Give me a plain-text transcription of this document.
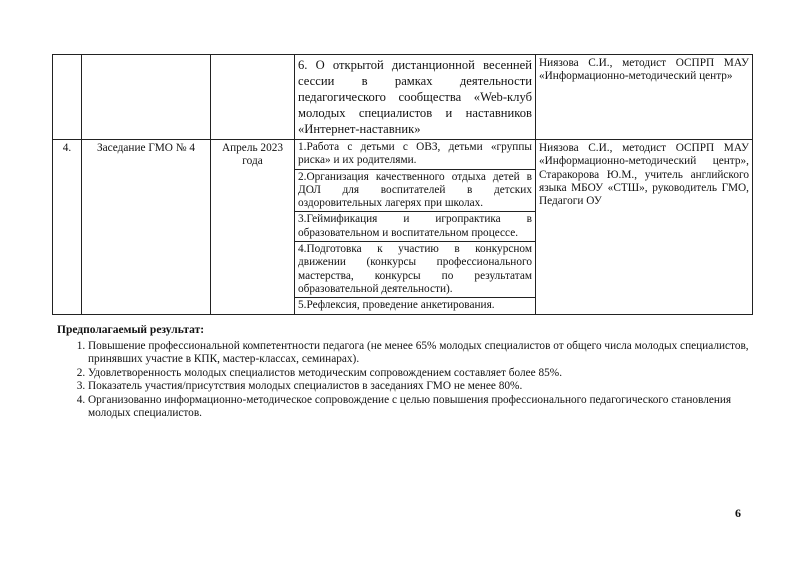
			6. О открытой дистанционной весенней сессии в рамках деятельности педагогического сообщества «Web-клуб молодых специалистов и наставников «Интернет-наставник»	Ниязова С.И., методист ОСПРП МАУ «Информационно-методический центр»
4.	Заседание ГМО № 4	Апрель 2023 года	1.Работа с детьми с ОВЗ, детьми «группы риска» и их родителями.
2.Организация качественного отдыха детей в ДОЛ для воспитателей в детских оздоровительных лагерях при школах.
3.Геймификация и игропрактика в образовательном и воспитательном процессе.
4.Подготовка к участию в конкурсном движении (конкурсы профессионального мастерства, конкурсы по результатам образовательной деятельности).
5.Рефлексия, проведение анкетирования.	Ниязова С.И., методист ОСПРП МАУ «Информационно-методический центр», Старакорова Ю.М., учитель английского языка МБОУ «СТШ», руководитель ГМО, Педагоги ОУ
Предполагаемый результат:
1. Повышение профессиональной компетентности педагога (не менее 65% молодых специалистов от общего числа молодых специалистов, принявших участие в КПК, мастер-классах, семинарах).
2. Удовлетворенность молодых специалистов методическим сопровождением составляет более 85%.
3. Показатель участия/присутствия молодых специалистов в заседаниях ГМО не менее 80%.
4. Организованно информационно-методическое сопровождение с целью повышения профессионального педагогического становления молодых специалистов.
6
